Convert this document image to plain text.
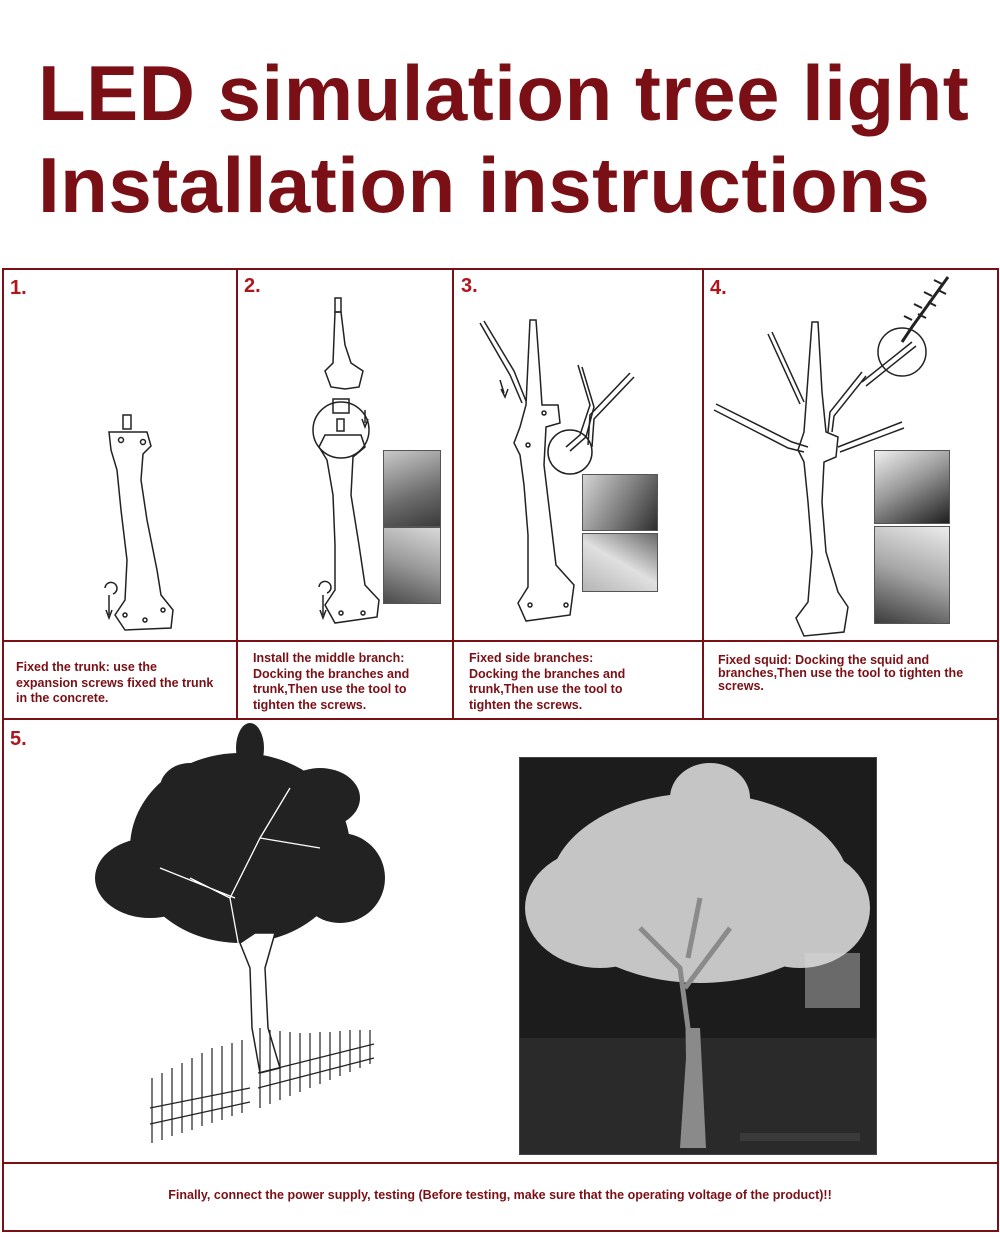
LED simulation tree light
Installation instructions
1.	2.	3.	4.
5.
Fixed the trunk: use the
expansion screws fixed the trunk
in the concrete.
Install the middle branch:
Docking the branches and
trunk,Then use the tool to
tighten the screws.
Fixed side branches:
Docking the branches and
trunk,Then use the tool to
tighten the screws.
Fixed squid: Docking the squid and
branches,Then use the tool to tighten the
screws.
Finally, connect the power supply, testing (Before testing, make sure that the operating voltage of the product)!!
